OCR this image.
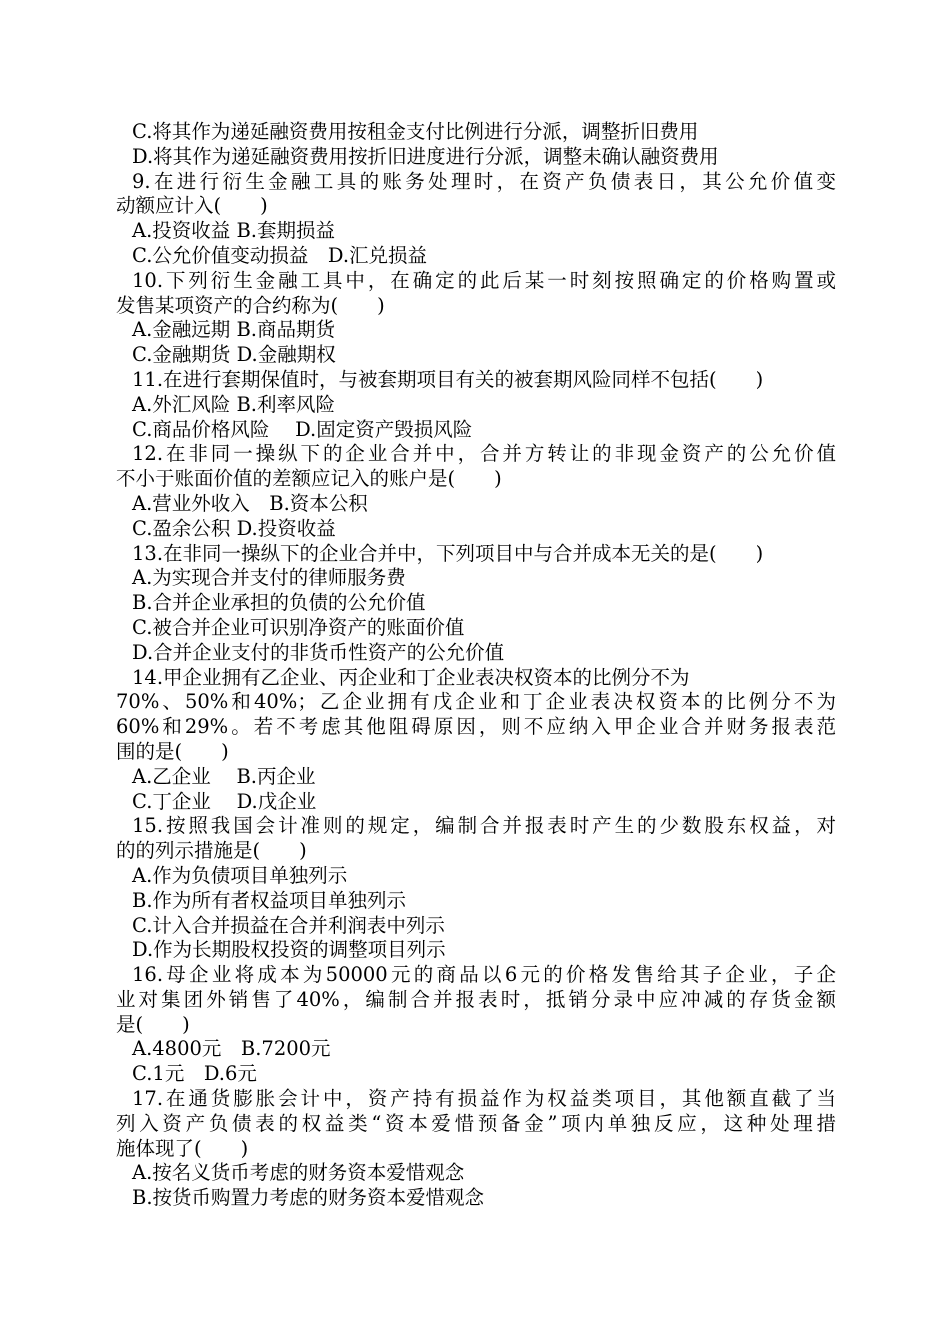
C.将其作为递延融资费用按租金支付比例进行分派，调整折旧费用
D.将其作为递延融资费用按折旧进度进行分派，调整未确认融资费用
9.在进行衍生金融工具的账务处理时，在资产负债表日，其公允价值变
动额应计入(　　)
A.投资收益 B.套期损益
C.公允价值变动损益　D.汇兑损益
10.下列衍生金融工具中，在确定的此后某一时刻按照确定的价格购置或
发售某项资产的合约称为(　　)
A.金融远期 B.商品期货
C.金融期货 D.金融期权
11.在进行套期保值时，与被套期项目有关的被套期风险同样不包括(　　)
A.外汇风险 B.利率风险
C.商品价格风险　 D.固定资产毁损风险
12.在非同一操纵下的企业合并中，合并方转让的非现金资产的公允价值
不小于账面价值的差额应记入的账户是(　　)
A.营业外收入　B.资本公积
C.盈余公积 D.投资收益
13.在非同一操纵下的企业合并中，下列项目中与合并成本无关的是(　　)
A.为实现合并支付的律师服务费
B.合并企业承担的负债的公允价值
C.被合并企业可识别净资产的账面价值
D.合并企业支付的非货币性资产的公允价值
14.甲企业拥有乙企业、丙企业和丁企业表决权资本的比例分不为
70%、50%和40%；乙企业拥有戊企业和丁企业表决权资本的比例分不为
60%和29%。若不考虑其他阻碍原因，则不应纳入甲企业合并财务报表范
围的是(　　)
A.乙企业　 B.丙企业
C.丁企业　 D.戊企业
15.按照我国会计准则的规定，编制合并报表时产生的少数股东权益，对
的的列示措施是(　　)
A.作为负债项目单独列示
B.作为所有者权益项目单独列示
C.计入合并损益在合并利润表中列示
D.作为长期股权投资的调整项目列示
16.母企业将成本为50000元的商品以6元的价格发售给其子企业，子企
业对集团外销售了40%，编制合并报表时，抵销分录中应冲减的存货金额
是(　　)
A.4800元　B.7200元
C.1元　D.6元
17.在通货膨胀会计中，资产持有损益作为权益类项目，其他额直截了当
列入资产负债表的权益类“资本爱惜预备金”项内单独反应，这种处理措
施体现了(　　)
A.按名义货币考虑的财务资本爱惜观念
B.按货币购置力考虑的财务资本爱惜观念
